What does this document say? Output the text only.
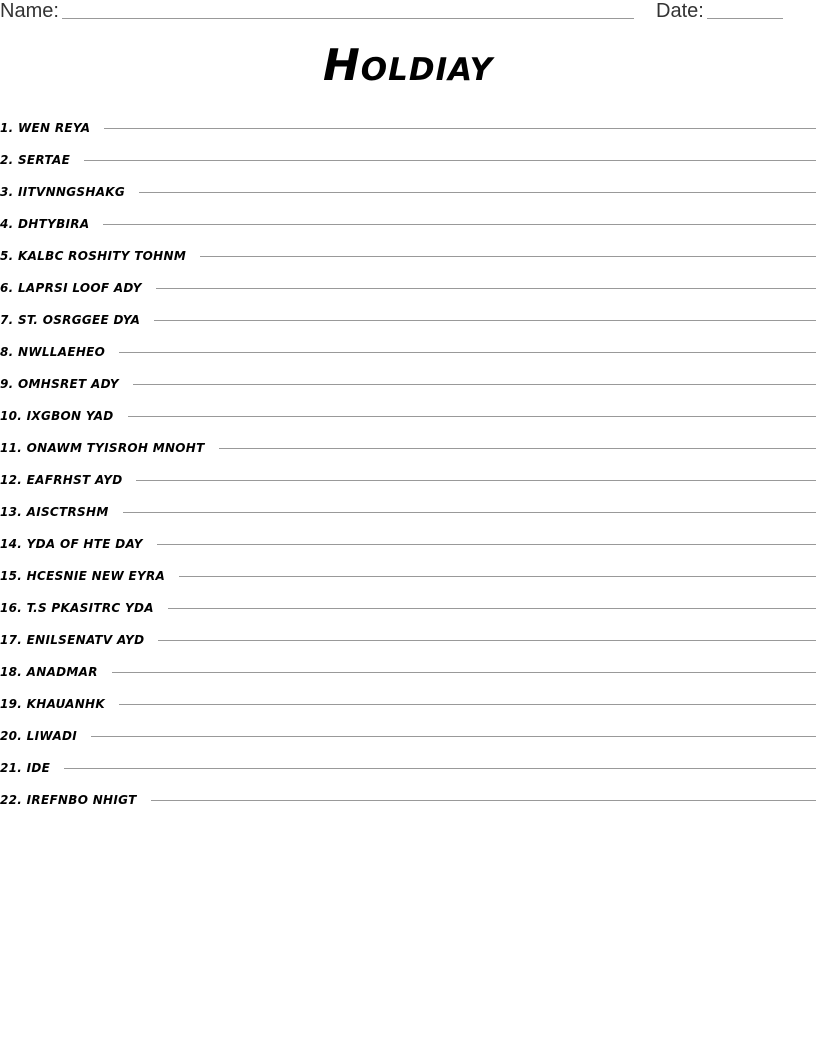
Name:	Date:
Holdiay
1. WEN REYA
2. SERTAE
3. IITVNNGSHAKG
4. DHTYBIRA
5. KALBC ROSHITY TOHNM
6. LAPRSI LOOF ADY
7. ST. OSRGGEE DYA
8. NWLLAEHEO
9. OMHSRET ADY
10. IXGBON YAD
11. ONAWM TYISROH MNOHT
12. EAFRHST AYD
13. AISCTRSHM
14. YDA OF HTE DAY
15. HCESNIE NEW EYRA
16. T.S PKASITRC YDA
17. ENILSENATV AYD
18. ANADMAR
19. KHAUANHK
20. LIWADI
21. IDE
22. IREFNBO NHIGT
